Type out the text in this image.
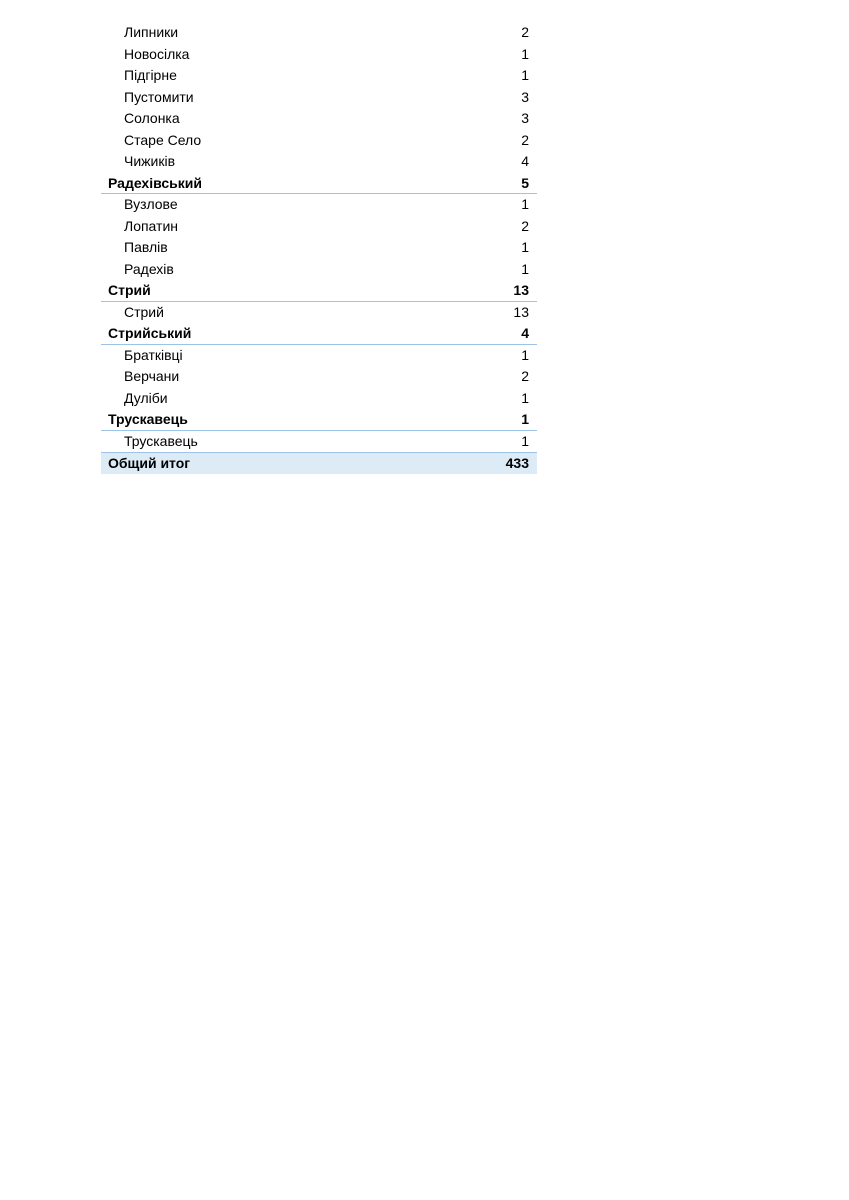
Липники	2
Новосілка	1
Підгірне	1
Пустомити	3
Солонка	3
Старе Село	2
Чижиків	4
Радехівський	5
Вузлове	1
Лопатин	2
Павлів	1
Радехів	1
Стрий	13
Стрий	13
Стрийський	4
Братківці	1
Верчани	2
Дуліби	1
Трускавець	1
Трускавець	1
Общий итог	433
